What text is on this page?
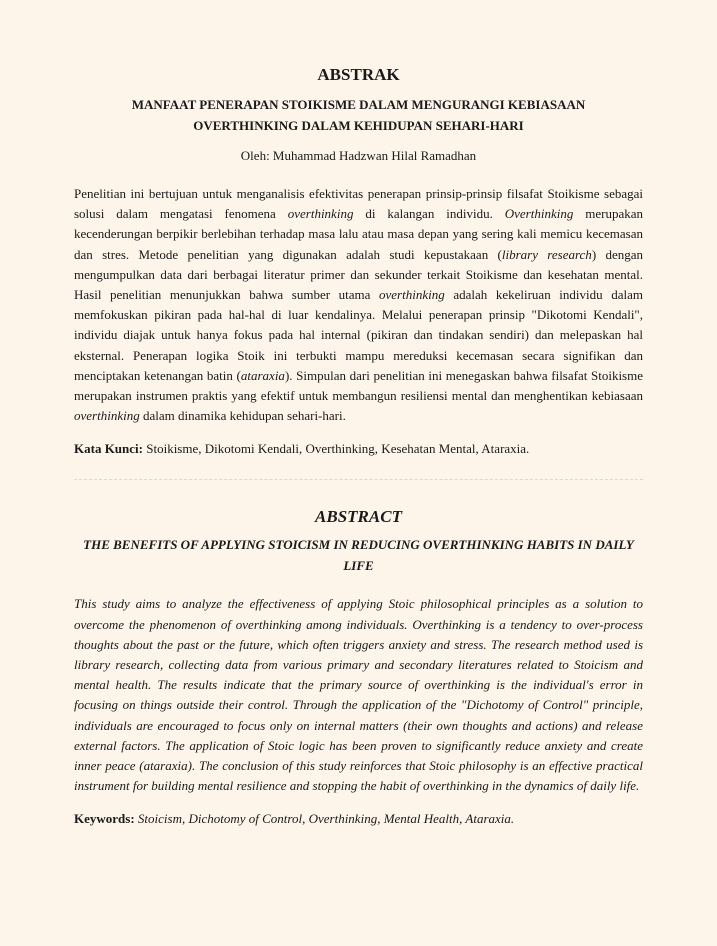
ABSTRAK
MANFAAT PENERAPAN STOIKISME DALAM MENGURANGI KEBIASAAN
OVERTHINKING DALAM KEHIDUPAN SEHARI-HARI

Oleh: Muhammad Hadzwan Hilal Ramadhan

Penelitian ini bertujuan untuk menganalisis efektivitas penerapan prinsip-prinsip filsafat Stoikisme sebagai solusi dalam mengatasi fenomena overthinking di kalangan individu. Overthinking merupakan kecenderungan berpikir berlebihan terhadap masa lalu atau masa depan yang sering kali memicu kecemasan dan stres. Metode penelitian yang digunakan adalah studi kepustakaan (library research) dengan mengumpulkan data dari berbagai literatur primer dan sekunder terkait Stoikisme dan kesehatan mental. Hasil penelitian menunjukkan bahwa sumber utama overthinking adalah kekeliruan individu dalam memfokuskan pikiran pada hal-hal di luar kendalinya. Melalui penerapan prinsip "Dikotomi Kendali", individu diajak untuk hanya fokus pada hal internal (pikiran dan tindakan sendiri) dan melepaskan hal eksternal. Penerapan logika Stoik ini terbukti mampu mereduksi kecemasan secara signifikan dan menciptakan ketenangan batin (ataraxia). Simpulan dari penelitian ini menegaskan bahwa filsafat Stoikisme merupakan instrumen praktis yang efektif untuk membangun resiliensi mental dan menghentikan kebiasaan overthinking dalam dinamika kehidupan sehari-hari.

Kata Kunci: Stoikisme, Dikotomi Kendali, Overthinking, Kesehatan Mental, Ataraxia.

ABSTRACT
THE BENEFITS OF APPLYING STOICISM IN REDUCING OVERTHINKING HABITS IN DAILY
LIFE

This study aims to analyze the effectiveness of applying Stoic philosophical principles as a solution to overcome the phenomenon of overthinking among individuals. Overthinking is a tendency to over-process thoughts about the past or the future, which often triggers anxiety and stress. The research method used is library research, collecting data from various primary and secondary literatures related to Stoicism and mental health. The results indicate that the primary source of overthinking is the individual's error in focusing on things outside their control. Through the application of the "Dichotomy of Control" principle, individuals are encouraged to focus only on internal matters (their own thoughts and actions) and release external factors. The application of Stoic logic has been proven to significantly reduce anxiety and create inner peace (ataraxia). The conclusion of this study reinforces that Stoic philosophy is an effective practical instrument for building mental resilience and stopping the habit of overthinking in the dynamics of daily life.

Keywords: Stoicism, Dichotomy of Control, Overthinking, Mental Health, Ataraxia.
